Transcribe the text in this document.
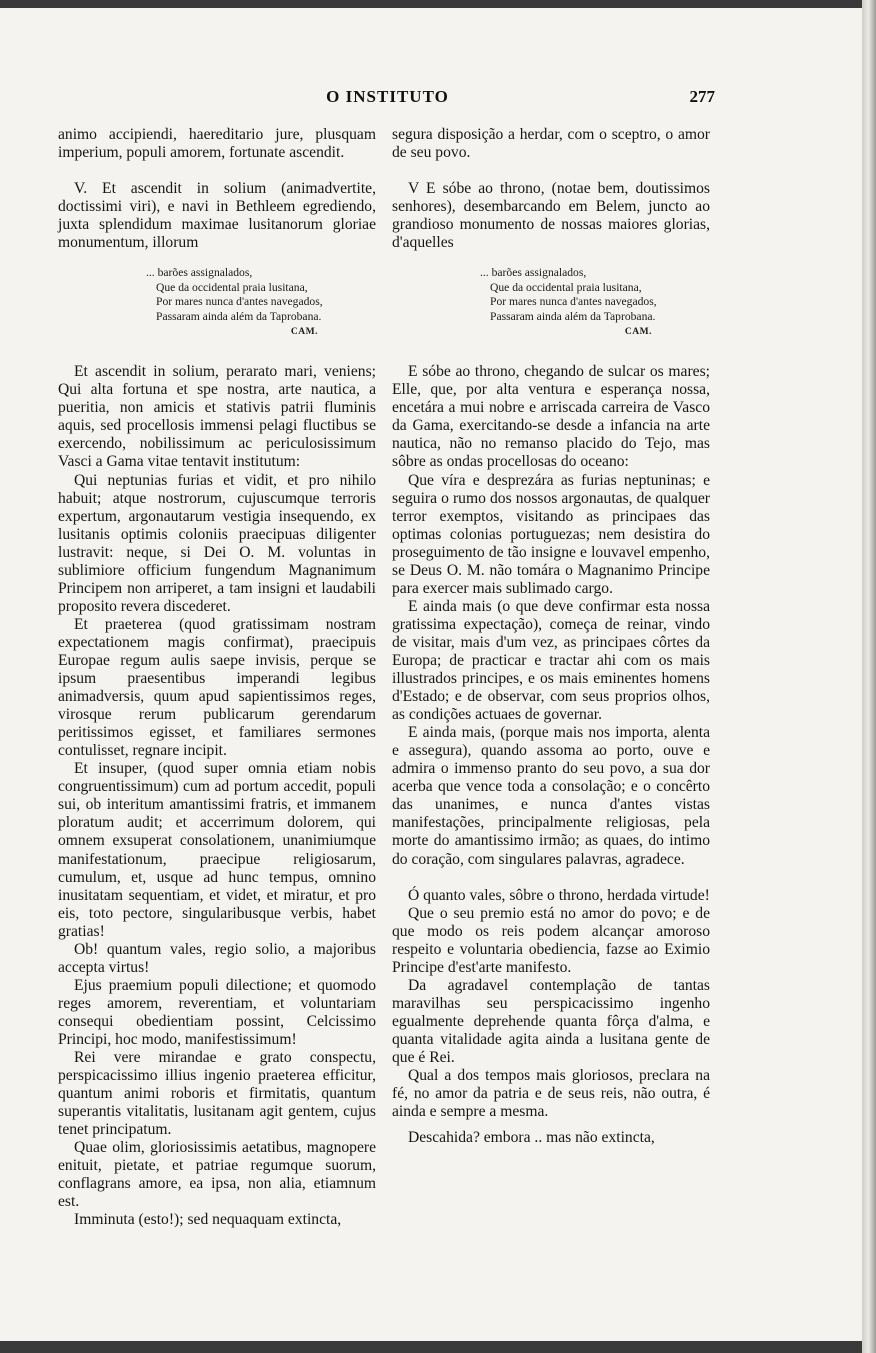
O INSTITUTO	277

animo accipiendi, haereditario jure, plusquam imperium, populi amorem, fortunate ascendit.

V. Et ascendit in solium (animadvertite, doctissimi viri), e navi in Bethleem egrediendo, juxta splendidum maximae lusitanorum gloriae monumentum, illorum

... barões assignalados,
Que da occidental praia lusitana,
Por mares nunca d'antes navegados,
Passaram ainda além da Taprobana.
CAM.

Et ascendit in solium, perarato mari, veniens; Qui alta fortuna et spe nostra, arte nautica, a pueritia, non amicis et stativis patrii fluminis aquis, sed procellosis immensi pelagi fluctibus se exercendo, nobilissimum ac periculosissimum Vasci a Gama vitae tentavit institutum:

Qui neptunias furias et vidit, et pro nihilo habuit; atque nostrorum, cujuscumque terroris expertum, argonautarum vestigia insequendo, ex lusitanis optimis coloniis praecipuas diligenter lustravit: neque, si Dei O. M. voluntas in sublimiore officium fungendum Magnanimum Principem non arriperet, a tam insigni et laudabili proposito revera discederet.

Et praeterea (quod gratissimam nostram expectationem magis confirmat), praecipuis Europae regum aulis saepe invisis, perque se ipsum praesentibus imperandi legibus animadversis, quum apud sapientissimos reges, virosque rerum publicarum gerendarum peritissimos egisset, et familiares sermones contulisset, regnare incipit.

Et insuper, (quod super omnia etiam nobis congruentissimum) cum ad portum accedit, populi sui, ob interitum amantissimi fratris, et immanem ploratum audit; et accerrimum dolorem, qui omnem exsuperat consolationem, unanimiumque manifestationum, praecipue religiosarum, cumulum, et, usque ad hunc tempus, omnino inusitatam sequentiam, et videt, et miratur, et pro eis, toto pectore, singularibusque verbis, habet gratias!

Ob! quantum vales, regio solio, a majoribus accepta virtus!

Ejus praemium populi dilectione; et quomodo reges amorem, reverentiam, et voluntariam consequi obedientiam possint, Celcissimo Principi, hoc modo, manifestissimum!

Rei vere mirandae e grato conspectu, perspicacissimo illius ingenio praeterea efficitur, quantum animi roboris et firmitatis, quantum superantis vitalitatis, lusitanam agit gentem, cujus tenet principatum.

Quae olim, gloriosissimis aetatibus, magnopere enituit, pietate, et patriae regumque suorum, conflagrans amore, ea ipsa, non alia, etiamnum est.

Imminuta (esto!); sed nequaquam extincta,

segura disposição a herdar, com o sceptro, o amor de seu povo.

V E sóbe ao throno, (notae bem, doutissimos senhores), desembarcando em Belem, juncto ao grandioso monumento de nossas maiores glorias, d'aquelles

... barões assignalados,
Que da occidental praia lusitana,
Por mares nunca d'antes navegados,
Passaram ainda além da Taprobana.
CAM.

E sóbe ao throno, chegando de sulcar os mares; Elle, que, por alta ventura e esperança nossa, encetára a mui nobre e arriscada carreira de Vasco da Gama, exercitando-se desde a infancia na arte nautica, não no remanso placido do Tejo, mas sôbre as ondas procellosas do oceano:

Que víra e desprezára as furias neptuninas; e seguira o rumo dos nossos argonautas, de qualquer terror exemptos, visitando as principaes das optimas colonias portuguezas; nem desistira do proseguimento de tão insigne e louvavel empenho, se Deus O. M. não tomára o Magnanimo Principe para exercer mais sublimado cargo.

E ainda mais (o que deve confirmar esta nossa gratissima expectação), começa de reinar, vindo de visitar, mais d'um vez, as principaes côrtes da Europa; de practicar e tractar ahi com os mais illustrados principes, e os mais eminentes homens d'Estado; e de observar, com seus proprios olhos, as condições actuaes de governar.

E ainda mais, (porque mais nos importa, alenta e assegura), quando assoma ao porto, ouve e admira o immenso pranto do seu povo, a sua dor acerba que vence toda a consolação; e o concêrto das unanimes, e nunca d'antes vistas manifestações, principalmente religiosas, pela morte do amantissimo irmão; as quaes, do intimo do coração, com singulares palavras, agradece.

Ó quanto vales, sôbre o throno, herdada virtude!

Que o seu premio está no amor do povo; e de que modo os reis podem alcançar amoroso respeito e voluntaria obediencia, fazse ao Eximio Principe d'est'arte manifesto.

Da agradavel contemplação de tantas maravilhas seu perspicacissimo ingenho egualmente deprehende quanta fôrça d'alma, e quanta vitalidade agita ainda a lusitana gente de que é Rei.

Qual a dos tempos mais gloriosos, preclara na fé, no amor da patria e de seus reis, não outra, é ainda e sempre a mesma.

Descahida? embora .. mas não extincta,
